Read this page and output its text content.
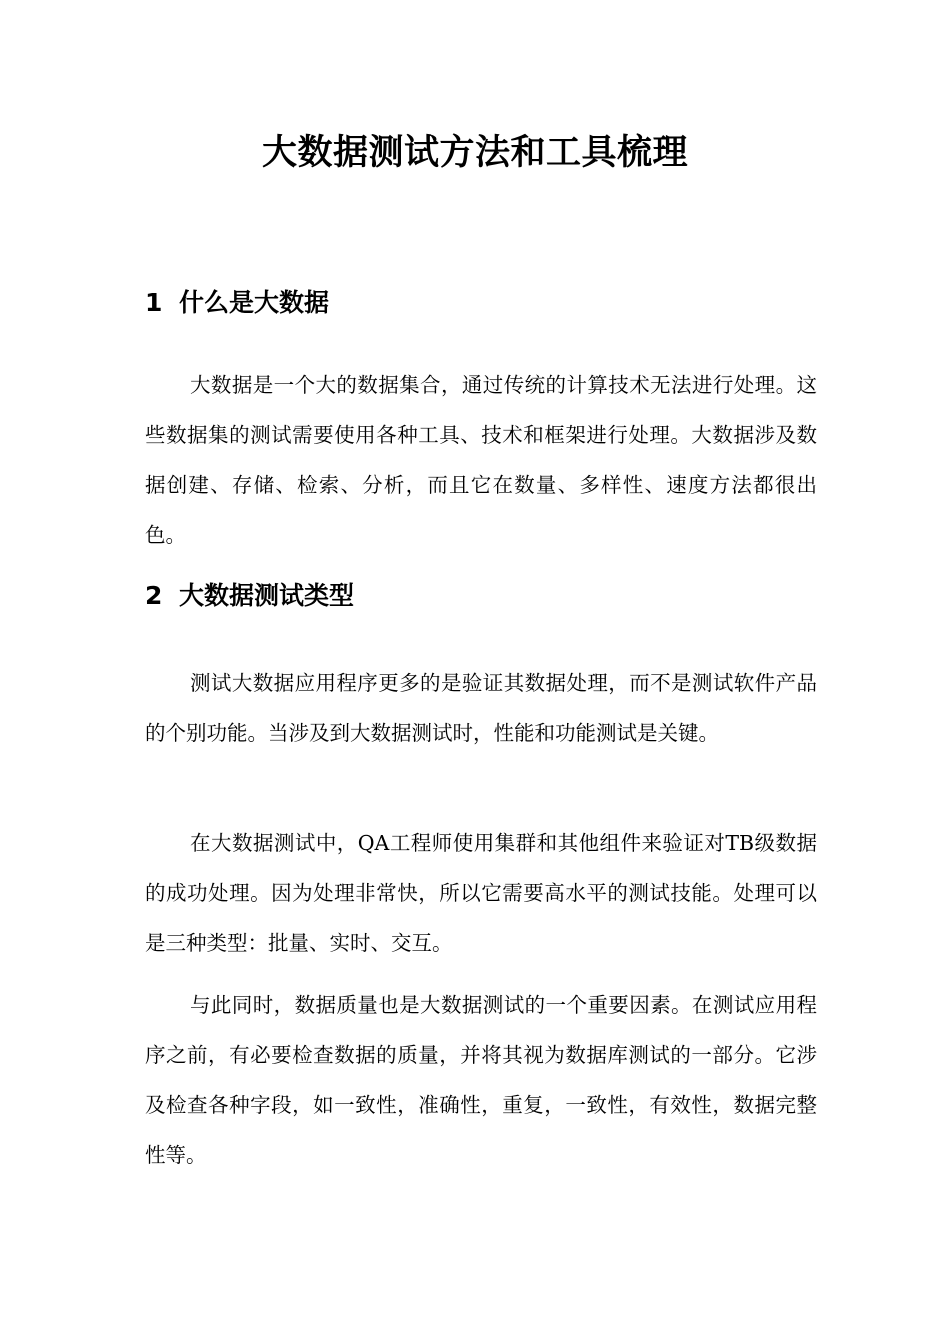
大数据测试方法和工具梳理
1 什么是大数据

大数据是一个大的数据集合，通过传统的计算技术无法进行处理。这些数据集的测试需要使用各种工具、技术和框架进行处理。大数据涉及数据创建、存储、检索、分析，而且它在数量、多样性、速度方法都很出色。

2 大数据测试类型

测试大数据应用程序更多的是验证其数据处理，而不是测试软件产品的个别功能。当涉及到大数据测试时，性能和功能测试是关键。

在大数据测试中，QA工程师使用集群和其他组件来验证对TB级数据的成功处理。因为处理非常快，所以它需要高水平的测试技能。处理可以是三种类型：批量、实时、交互。

与此同时，数据质量也是大数据测试的一个重要因素。在测试应用程序之前，有必要检查数据的质量，并将其视为数据库测试的一部分。它涉及检查各种字段，如一致性，准确性，重复，一致性，有效性，数据完整性等。
